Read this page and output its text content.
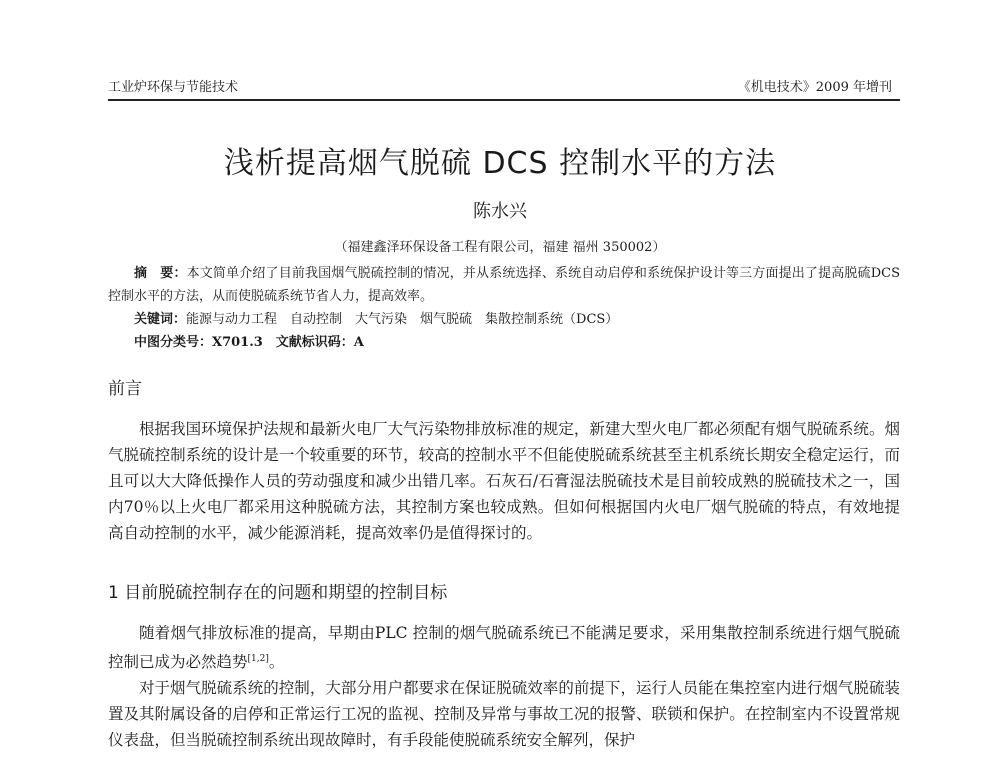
工业炉环保与节能技术	《机电技术》2009 年增刊
浅析提高烟气脱硫 DCS 控制水平的方法
陈水兴
（福建鑫泽环保设备工程有限公司，福建 福州 350002）
摘　要：本文简单介绍了目前我国烟气脱硫控制的情况，并从系统选择、系统自动启停和系统保护设计等三方面提出了提高脱硫DCS 控制水平的方法，从而使脱硫系统节省人力，提高效率。
关键词：能源与动力工程　自动控制　大气污染　烟气脱硫　集散控制系统（DCS）
中图分类号：X701.3　文献标识码：A
前言

根据我国环境保护法规和最新火电厂大气污染物排放标准的规定，新建大型火电厂都必须配有烟气脱硫系统。烟气脱硫控制系统的设计是一个较重要的环节，较高的控制水平不但能使脱硫系统甚至主机系统长期安全稳定运行，而且可以大大降低操作人员的劳动强度和减少出错几率。石灰石/石膏湿法脱硫技术是目前较成熟的脱硫技术之一，国内70％以上火电厂都采用这种脱硫方法，其控制方案也较成熟。但如何根据国内火电厂烟气脱硫的特点，有效地提高自动控制的水平，减少能源消耗，提高效率仍是值得探讨的。

1 目前脱硫控制存在的问题和期望的控制目标

随着烟气排放标准的提高，早期由PLC 控制的烟气脱硫系统已不能满足要求，采用集散控制系统进行烟气脱硫控制已成为必然趋势[1,2]。

对于烟气脱硫系统的控制，大部分用户都要求在保证脱硫效率的前提下，运行人员能在集控室内进行烟气脱硫装置及其附属设备的启停和正常运行工况的监视、控制及异常与事故工况的报警、联锁和保护。在控制室内不设置常规仪表盘，但当脱硫控制系统出现故障时，有手段能使脱硫系统安全解列，保护
